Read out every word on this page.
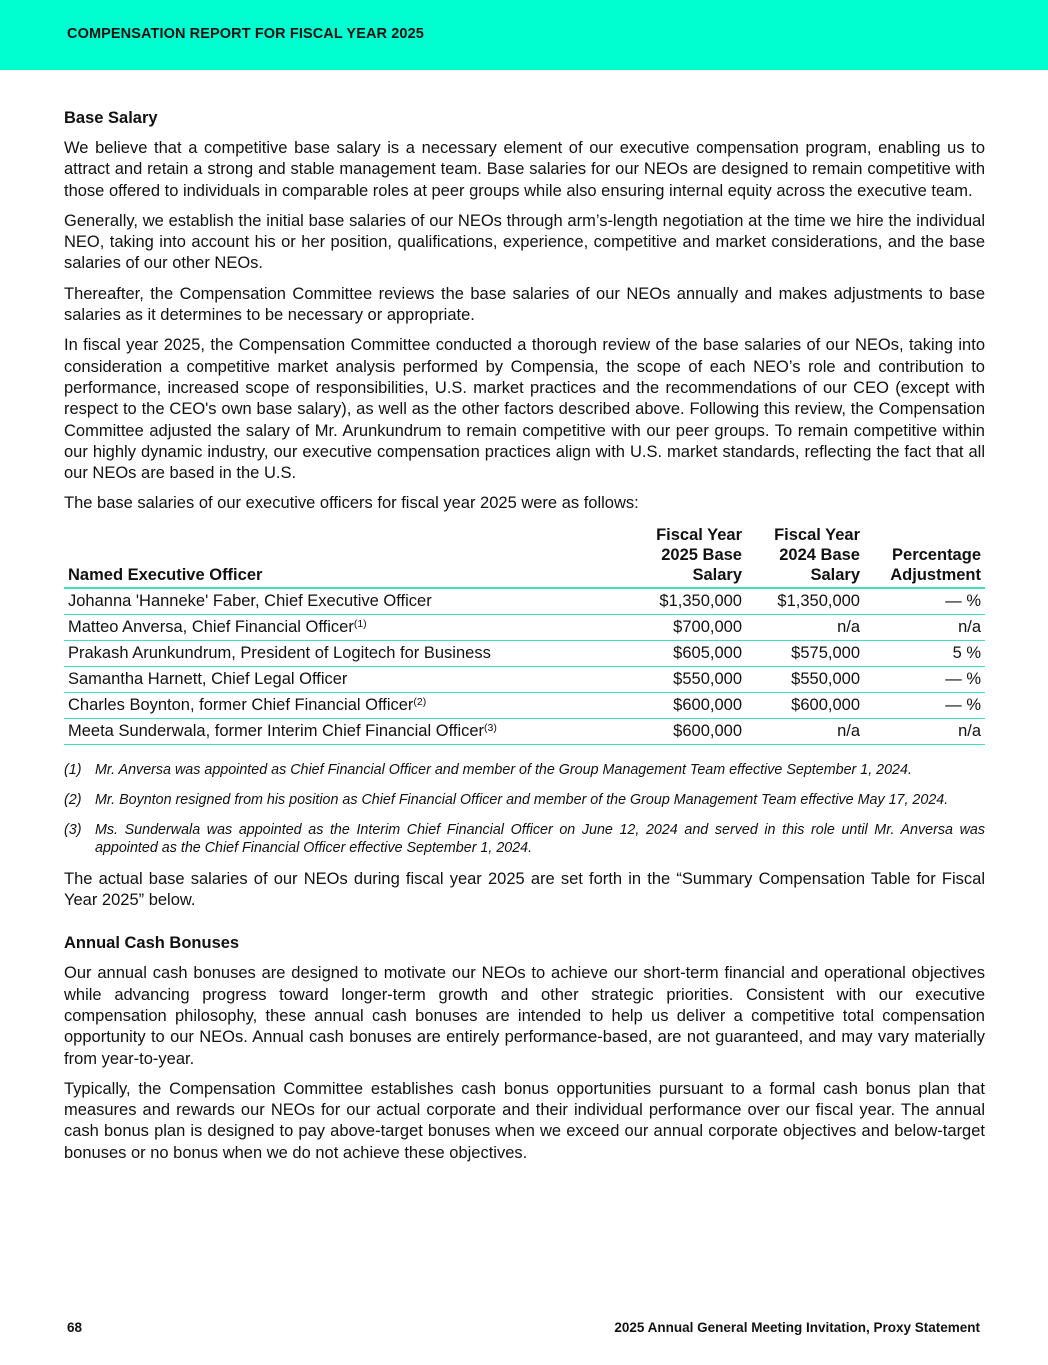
COMPENSATION REPORT FOR FISCAL YEAR 2025
Base Salary

We believe that a competitive base salary is a necessary element of our executive compensation program, enabling us to attract and retain a strong and stable management team. Base salaries for our NEOs are designed to remain competitive with those offered to individuals in comparable roles at peer groups while also ensuring internal equity across the executive team.

Generally, we establish the initial base salaries of our NEOs through arm’s-length negotiation at the time we hire the individual NEO, taking into account his or her position, qualifications, experience, competitive and market considerations, and the base salaries of our other NEOs.

Thereafter, the Compensation Committee reviews the base salaries of our NEOs annually and makes adjustments to base salaries as it determines to be necessary or appropriate.

In fiscal year 2025, the Compensation Committee conducted a thorough review of the base salaries of our NEOs, taking into consideration a competitive market analysis performed by Compensia, the scope of each NEO’s role and contribution to performance, increased scope of responsibilities, U.S. market practices and the recommendations of our CEO (except with respect to the CEO's own base salary), as well as the other factors described above. Following this review, the Compensation Committee adjusted the salary of Mr. Arunkundrum to remain competitive with our peer groups. To remain competitive within our highly dynamic industry, our executive compensation practices align with U.S. market standards, reflecting the fact that all our NEOs are based in the U.S.

The base salaries of our executive officers for fiscal year 2025 were as follows:

Named Executive Officer	Fiscal Year
2025 Base
Salary	Fiscal Year
2024 Base
Salary	Percentage
Adjustment
Johanna 'Hanneke' Faber, Chief Executive Officer	$1,350,000	$1,350,000	— %
Matteo Anversa, Chief Financial Officer$^{(1)}$	$700,000	n/a	n/a
Prakash Arunkundrum, President of Logitech for Business	$605,000	$575,000	5 %
Samantha Harnett, Chief Legal Officer	$550,000	$550,000	— %
Charles Boynton, former Chief Financial Officer$^{(2)}$	$600,000	$600,000	— %
Meeta Sunderwala, former Interim Chief Financial Officer$^{(3)}$	$600,000	n/a	n/a
(1) Mr. Anversa was appointed as Chief Financial Officer and member of the Group Management Team effective September 1, 2024.
(2) Mr. Boynton resigned from his position as Chief Financial Officer and member of the Group Management Team effective May 17, 2024.
(3) Ms. Sunderwala was appointed as the Interim Chief Financial Officer on June 12, 2024 and served in this role until Mr. Anversa was appointed as the Chief Financial Officer effective September 1, 2024.

The actual base salaries of our NEOs during fiscal year 2025 are set forth in the “Summary Compensation Table for Fiscal Year 2025” below.

Annual Cash Bonuses

Our annual cash bonuses are designed to motivate our NEOs to achieve our short-term financial and operational objectives while advancing progress toward longer-term growth and other strategic priorities. Consistent with our executive compensation philosophy, these annual cash bonuses are intended to help us deliver a competitive total compensation opportunity to our NEOs. Annual cash bonuses are entirely performance-based, are not guaranteed, and may vary materially from year-to-year.

Typically, the Compensation Committee establishes cash bonus opportunities pursuant to a formal cash bonus plan that measures and rewards our NEOs for our actual corporate and their individual performance over our fiscal year. The annual cash bonus plan is designed to pay above-target bonuses when we exceed our annual corporate objectives and below-target bonuses or no bonus when we do not achieve these objectives.

68	2025 Annual General Meeting Invitation, Proxy Statement
